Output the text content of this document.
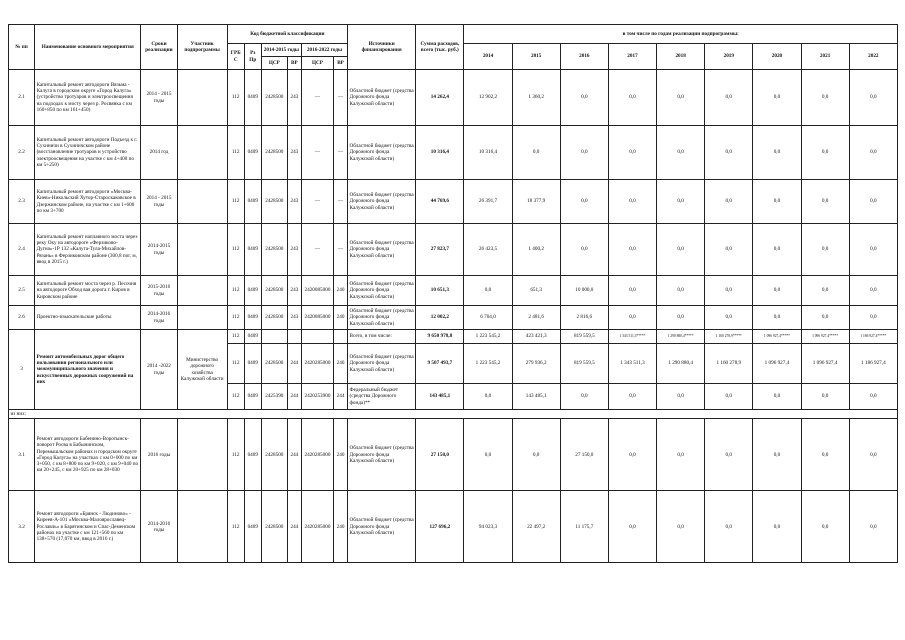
№ пп	Наименование основного мероприятия	Сроки реализации	Участник подпрограммы	Код бюджетной классификации						Источники финансирования	Сумма расходов, всего (тыс. руб.)	в том числе по годам реализации подпрограммы:								
				ГРБС	Рз Пр	2014-2015 годы		2016-2022 годы				2014	2015	2016	2017	2018	2019	2020	2021	2022
						ЦСР	ВР	ЦСР	ВР											
2.1	Капитальный ремонт автодороги Вязьма - Калуга в городском округе «Город Калуга» (устройство тротуаров и электроосвещения на подходах к мосту через р. Росвянка с км 160+850 по км 161+450)	2014 - 2015 годы		112	0409	2428500	243	—	—	Областной бюджет (средства Дорожного фонда Калужской области)	14 262,4	12 902,2	1 360,2	0,0	0,0	0,0	0,0	0,0	0,0	0,0
2.2	Капитальный ремонт автодороги Подъезд к г. Сухиничи в Сухиничском районе (восстановление тротуаров и устройство электроосвещения на участке с км 4+400 по км 5+250)	2014 год		112	0409	2428500	243	—	—	Областной бюджет (средства Дорожного фонда Калужской области)	10 316,4	10 316,4	0,0	0,0	0,0	0,0	0,0	0,0	0,0	0,0
2.3	Капитальный ремонт автодороги «Москва-Киев»-Никольский Хутор-Староскаковское в Дзержинском районе, на участке с км 1+600 по км 3+700	2014 - 2015 годы		112	0409	2428500	243	—	—	Областной бюджет (средства Дорожного фонда Калужской области)	44 769,6	26 391,7	18 377,9	0,0	0,0	0,0	0,0	0,0	0,0	0,0
2.4	Капитальный ремонт наплавного моста через реку Оку на автодороге «Ферзиково-Дугна»-1Р 132 «Калуга-Тула-Михайлов-Рязань» в Ферзиковском районе (300,8 пог. м, ввод в 2015 г.)	2014-2015 годы		112	0409	2428500	243	—	—	Областной бюджет (средства Дорожного фонда Калужской области)	27 823,7	26 423,5	1 400,2	0,0	0,0	0,0	0,0	0,0	0,0	0,0
2.5	Капитальный ремонт моста через р. Песочня на автодороге Обход вая дорога г. Киров в Кировском районе	2015-2016 годы		112	0409	2428500	243	2420085000	240	Областной бюджет (средства Дорожного фонда Калужской области)	10 651,3	0,0	651,3	10 000,0	0,0	0,0	0,0	0,0	0,0	0,0
2.6	Проектно-изыскательские работы	2014-2016 годы		112	0409	2428500	243	2420085000	240	Областной бюджет (средства Дорожного фонда Калужской области)	12 002,2	6 704,0	2 481,6	2 816,6	0,0	0,0	0,0	0,0	0,0	0,0
3	Ремонт автомобильных дорог общего пользования регионального или межмуниципального значения и искусственных дорожных сооружений на них	2014 -2022 годы	Министерство дорожного хозяйства Калужской области	112	0409					Всего, в том числе:	9 650 978,8	1 223 545,2	423 421,3	819 559,5	1 343 511,3*****	1 290 880,4*****	1 160 278,9*****	1 096 927,4*****	1 096 927,4*****	1 186 927,4*****
				112	0409	2428500	244	2420285000	240	Областной бюджет (средства Дорожного фонда Калужской области)	9 507 493,7	1 223 545,2	279 936,2	819 559,5	1 343 511,3	1 290 880,4	1 160 278,9	1 096 927,4	1 096 927,4	1 186 927,4
				112	0409	2425390	244	2420253900	244	Федеральный бюджет (средства Дорожного фонда)**	143 485,1	0,0	143 485,1	0,0	0,0	0,0	0,0	0,0	0,0	0,0
из них:																				
3.1	Ремонт автодороги Бабенино-Воротынск-поворот Росва в Бабынинском, Перемышльском районах и городском округе «Город Калуга» на участках с км 0+000 по км 3+050, с км 8+800 по км 9+020, с км 9+040 по км 20+245, с км 20+925 по км 28+030	2016 годы		112	0409	2428500	244	2420285000	240	Областной бюджет (средства Дорожного фонда Калужской области)	27 150,0	0,0	0,0	27 150,0	0,0	0,0	0,0	0,0	0,0	0,0
3.2	Ремонт автодороги «Брянск - Людиново» - Киреев-А-101 «Москва-Малоярославец-Рославль» в Барятинском и Спас-Деменском районах на участке с км 121+560 по км 138+570 (17,070 км, ввод в 2016 г.)	2014-2016 годы		112	0409	2428500	244	2420285000	240	Областной бюджет (средства Дорожного фонда Калужской области)	127 696,2	94 023,3	22 497,2	11 175,7	0,0	0,0	0,0	0,0	0,0	0,0
